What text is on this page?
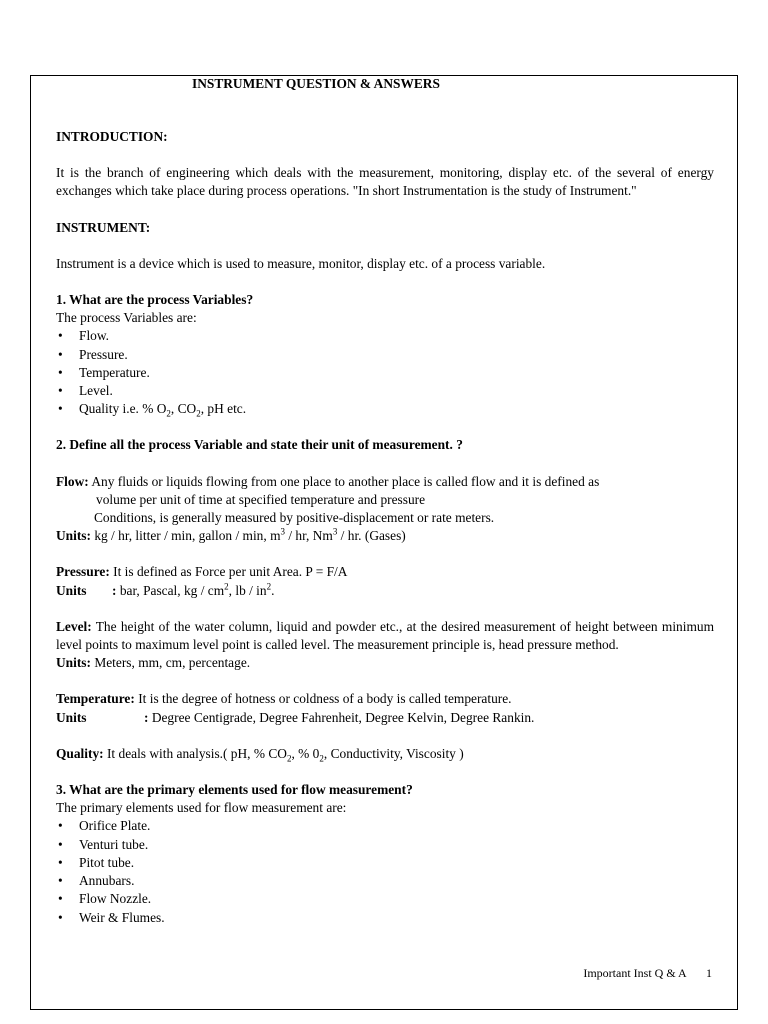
INSTRUMENT QUESTION & ANSWERS

INTRODUCTION:

It is the branch of engineering which deals with the measurement, monitoring, display etc. of the several of energy exchanges which take place during process operations. "In short Instrumentation is the study of Instrument."

INSTRUMENT:

Instrument is a device which is used to measure, monitor, display etc. of a process variable.

1. What are the process Variables?

The process Variables are:

• Flow.
• Pressure.
• Temperature.
• Level.
• Quality i.e. % $O_2$, $CO_2$, pH etc.

2. Define all the process Variable and state their unit of measurement. ?

Flow: Any fluids or liquids flowing from one place to another place is called flow and it is defined as

volume per unit of time at specified temperature and pressure

Conditions, is generally measured by positive-displacement or rate meters.

Units: kg / hr, litter / min, gallon / min, $m^3$ / hr, Nm$^3$ / hr. (Gases)

Pressure: It is defined as Force per unit Area. P = F/A

Units : bar, Pascal, kg / $cm^2$, lb / $in^2$.

Level: The height of the water column, liquid and powder etc., at the desired measurement of height between minimum level points to maximum level point is called level. The measurement principle is, head pressure method.

Units: Meters, mm, cm, percentage.

Temperature: It is the degree of hotness or coldness of a body is called temperature.

Units	: Degree Centigrade, Degree Fahrenheit, Degree Kelvin, Degree Rankin.

Quality: It deals with analysis.( pH, % $CO_2$, % $0_2$, Conductivity, Viscosity )

3. What are the primary elements used for flow measurement?

The primary elements used for flow measurement are:

• Orifice Plate.
• Venturi tube.
• Pitot tube.
• Annubars.
• Flow Nozzle.
• Weir & Flumes.
Important Inst Q & A 1
